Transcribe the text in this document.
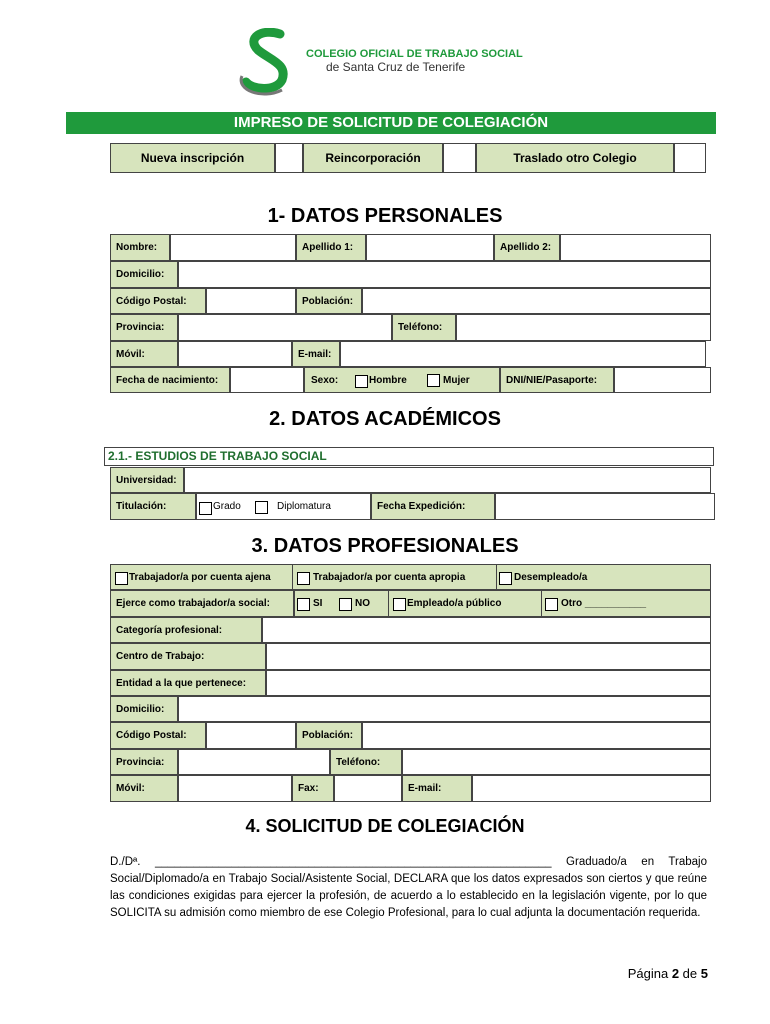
COLEGIO OFICIAL DE TRABAJO SOCIAL
de Santa Cruz de Tenerife
IMPRESO DE SOLICITUD DE COLEGIACIÓN
Nueva inscripción	Reincorporación	Traslado otro Colegio
1- DATOS PERSONALES
Nombre:	Apellido 1:	Apellido 2:
Domicilio:
Código Postal:	Población:
Provincia:	Teléfono:
Móvil:	E-mail:
Fecha de nacimiento:	Sexo:	Hombre	Mujer	DNI/NIE/Pasaporte:
2. DATOS ACADÉMICOS
2.1.- ESTUDIOS DE TRABAJO SOCIAL
Universidad:
Titulación:	Grado	Diplomatura	Fecha Expedición:
3. DATOS PROFESIONALES
Trabajador/a por cuenta ajena	Trabajador/a por cuenta apropia	Desempleado/a
Ejerce como trabajador/a social:	SI	NO	Empleado/a público	Otro ___________
Categoría profesional:
Centro de Trabajo:
Entidad a la que pertenece:
Domicilio:
Código Postal:	Población:
Provincia:	Teléfono:
Móvil:	Fax:	E-mail:
4. SOLICITUD DE COLEGIACIÓN
D./Dª. ______________________________________________________________ Graduado/a en Trabajo Social/Diplomado/a en Trabajo Social/Asistente Social, DECLARA que los datos expresados son ciertos y que reúne las condiciones exigidas para ejercer la profesión, de acuerdo a lo establecido en la legislación vigente, por lo que SOLICITA su admisión como miembro de ese Colegio Profesional, para lo cual adjunta la documentación requerida.
Página 2 de 5
